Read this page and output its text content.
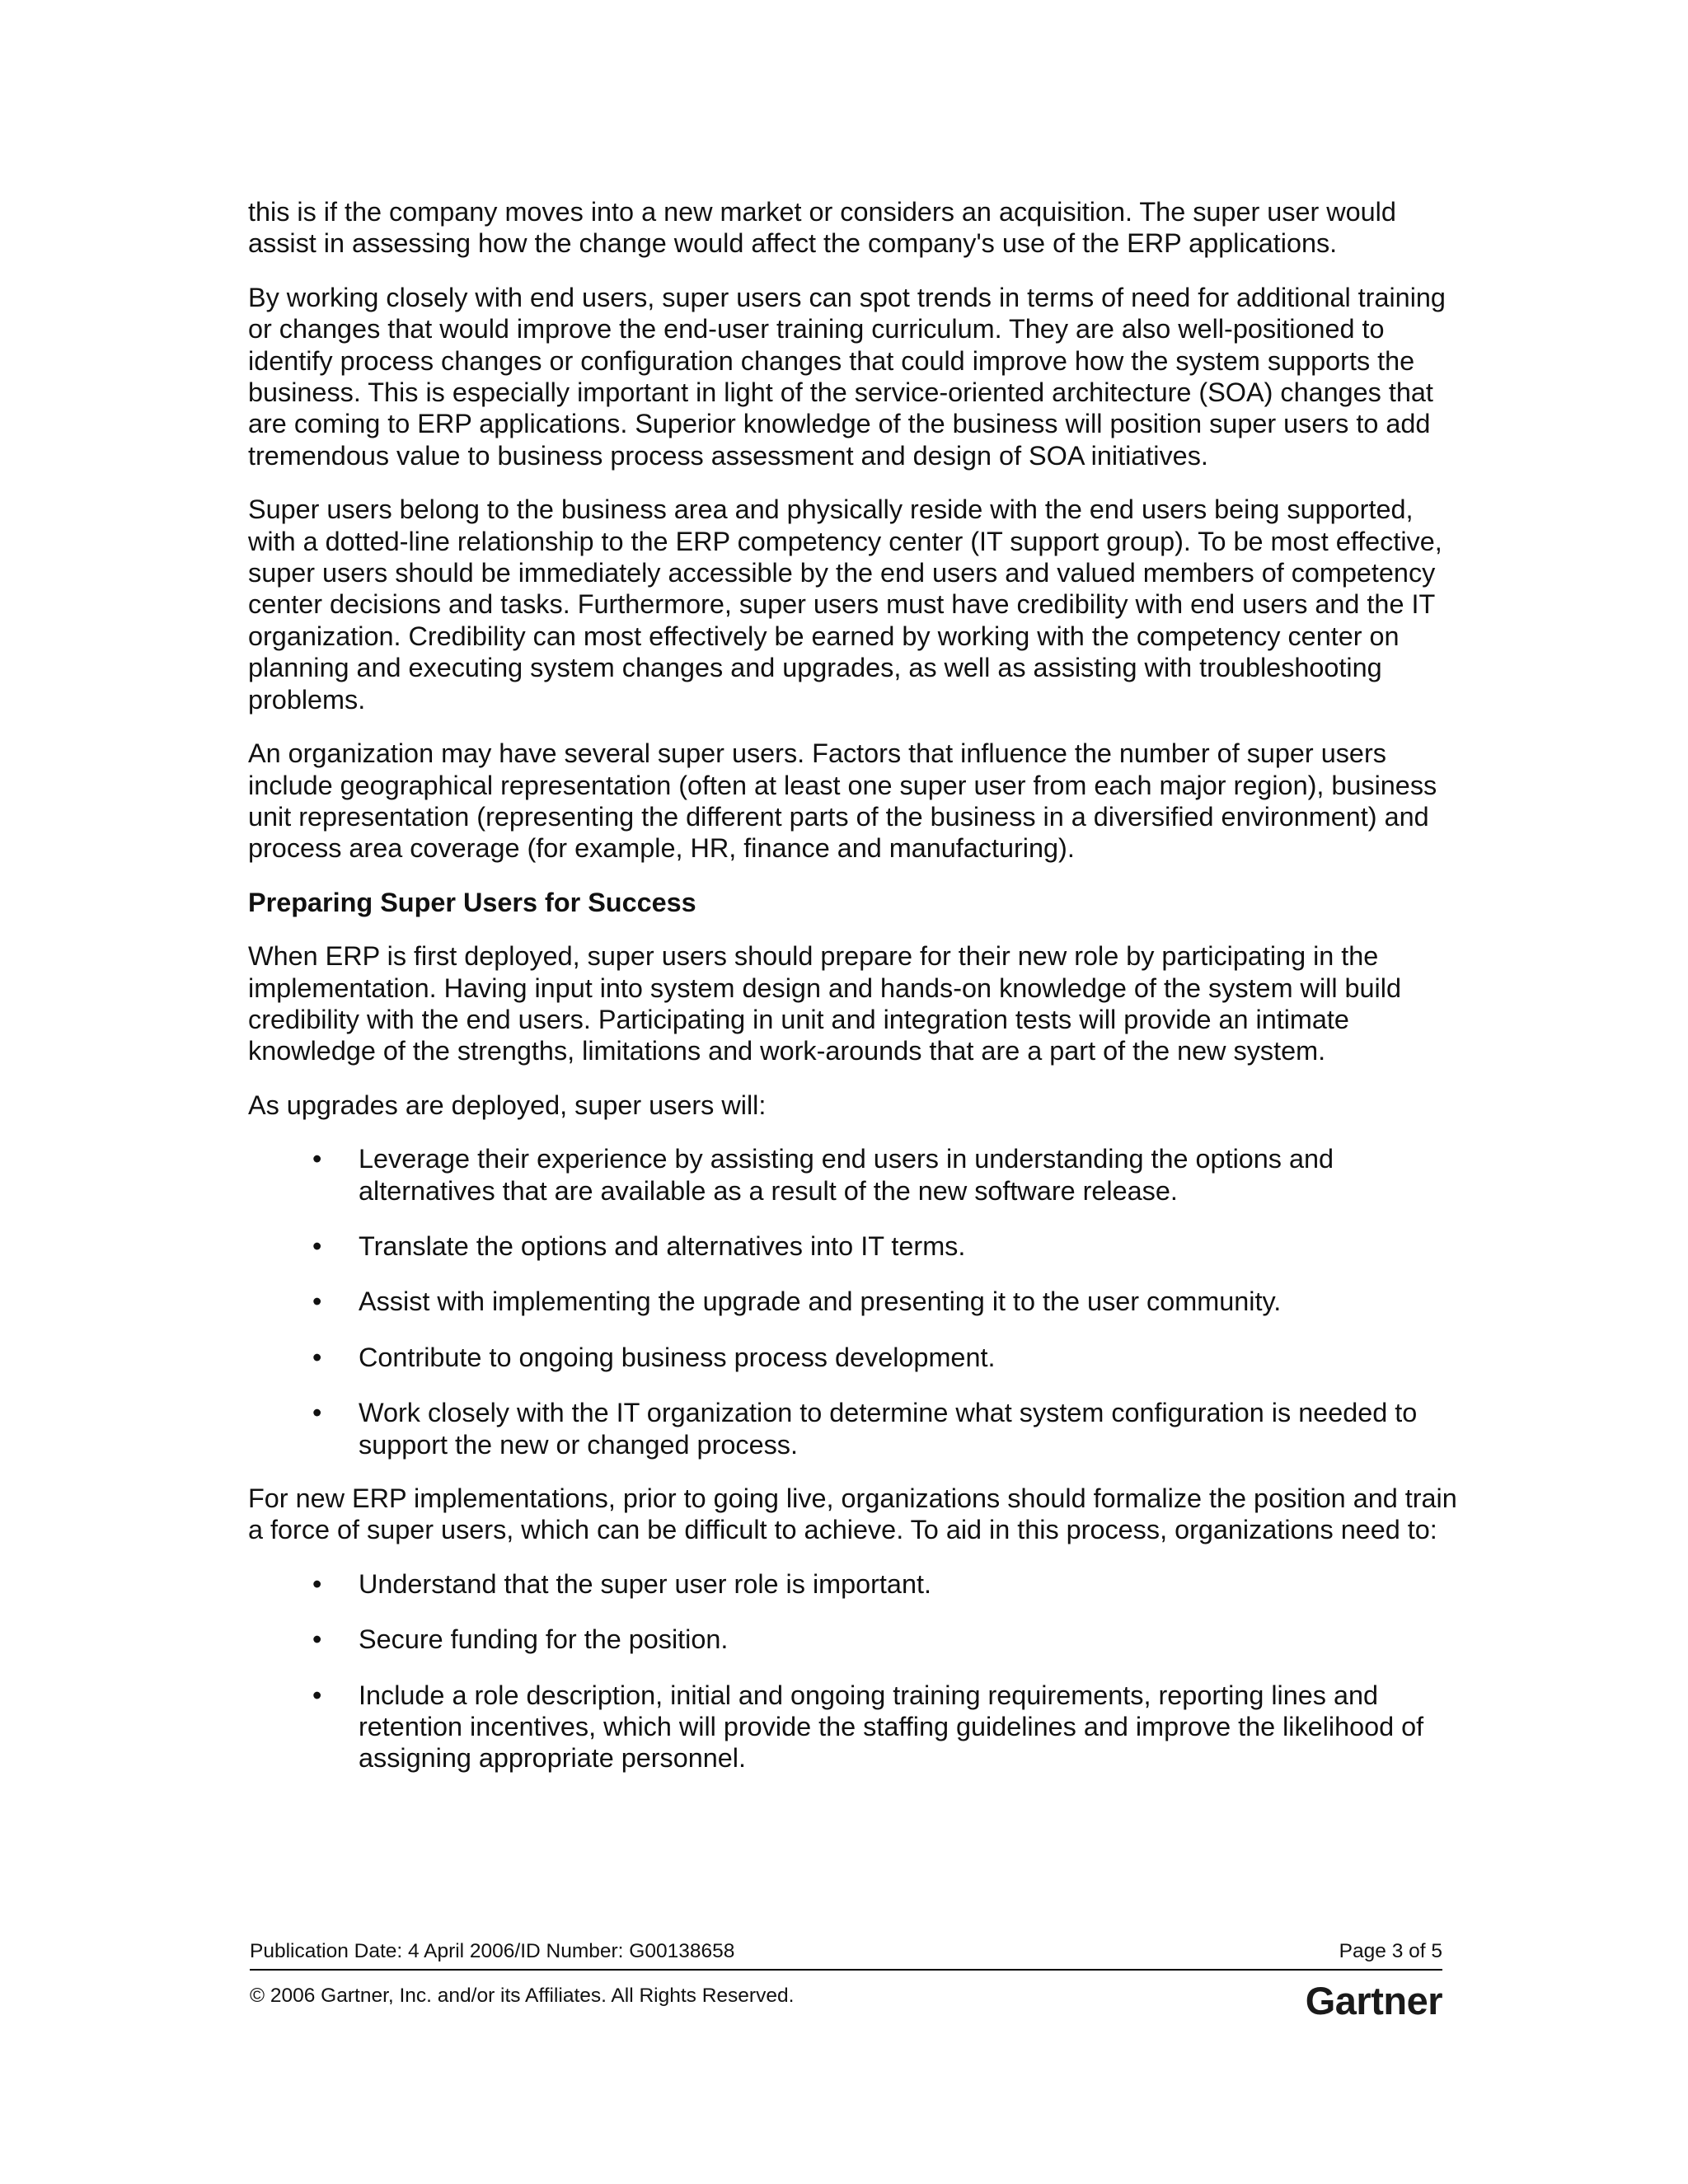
this is if the company moves into a new market or considers an acquisition. The super user would assist in assessing how the change would affect the company's use of the ERP applications.

By working closely with end users, super users can spot trends in terms of need for additional training or changes that would improve the end-user training curriculum. They are also well-positioned to identify process changes or configuration changes that could improve how the system supports the business. This is especially important in light of the service-oriented architecture (SOA) changes that are coming to ERP applications. Superior knowledge of the business will position super users to add tremendous value to business process assessment and design of SOA initiatives.

Super users belong to the business area and physically reside with the end users being supported, with a dotted-line relationship to the ERP competency center (IT support group). To be most effective, super users should be immediately accessible by the end users and valued members of competency center decisions and tasks. Furthermore, super users must have credibility with end users and the IT organization. Credibility can most effectively be earned by working with the competency center on planning and executing system changes and upgrades, as well as assisting with troubleshooting problems.

An organization may have several super users. Factors that influence the number of super users include geographical representation (often at least one super user from each major region), business unit representation (representing the different parts of the business in a diversified environment) and process area coverage (for example, HR, finance and manufacturing).

Preparing Super Users for Success

When ERP is first deployed, super users should prepare for their new role by participating in the implementation. Having input into system design and hands-on knowledge of the system will build credibility with the end users. Participating in unit and integration tests will provide an intimate knowledge of the strengths, limitations and work-arounds that are a part of the new system.

As upgrades are deployed, super users will:

• Leverage their experience by assisting end users in understanding the options and alternatives that are available as a result of the new software release.
• Translate the options and alternatives into IT terms.
• Assist with implementing the upgrade and presenting it to the user community.
• Contribute to ongoing business process development.
• Work closely with the IT organization to determine what system configuration is needed to support the new or changed process.

For new ERP implementations, prior to going live, organizations should formalize the position and train a force of super users, which can be difficult to achieve. To aid in this process, organizations need to:

• Understand that the super user role is important.
• Secure funding for the position.
• Include a role description, initial and ongoing training requirements, reporting lines and retention incentives, which will provide the staffing guidelines and improve the likelihood of assigning appropriate personnel.
Publication Date: 4 April 2006/ID Number: G00138658	Page 3 of 5
© 2006 Gartner, Inc. and/or its Affiliates. All Rights Reserved.	Gartner
